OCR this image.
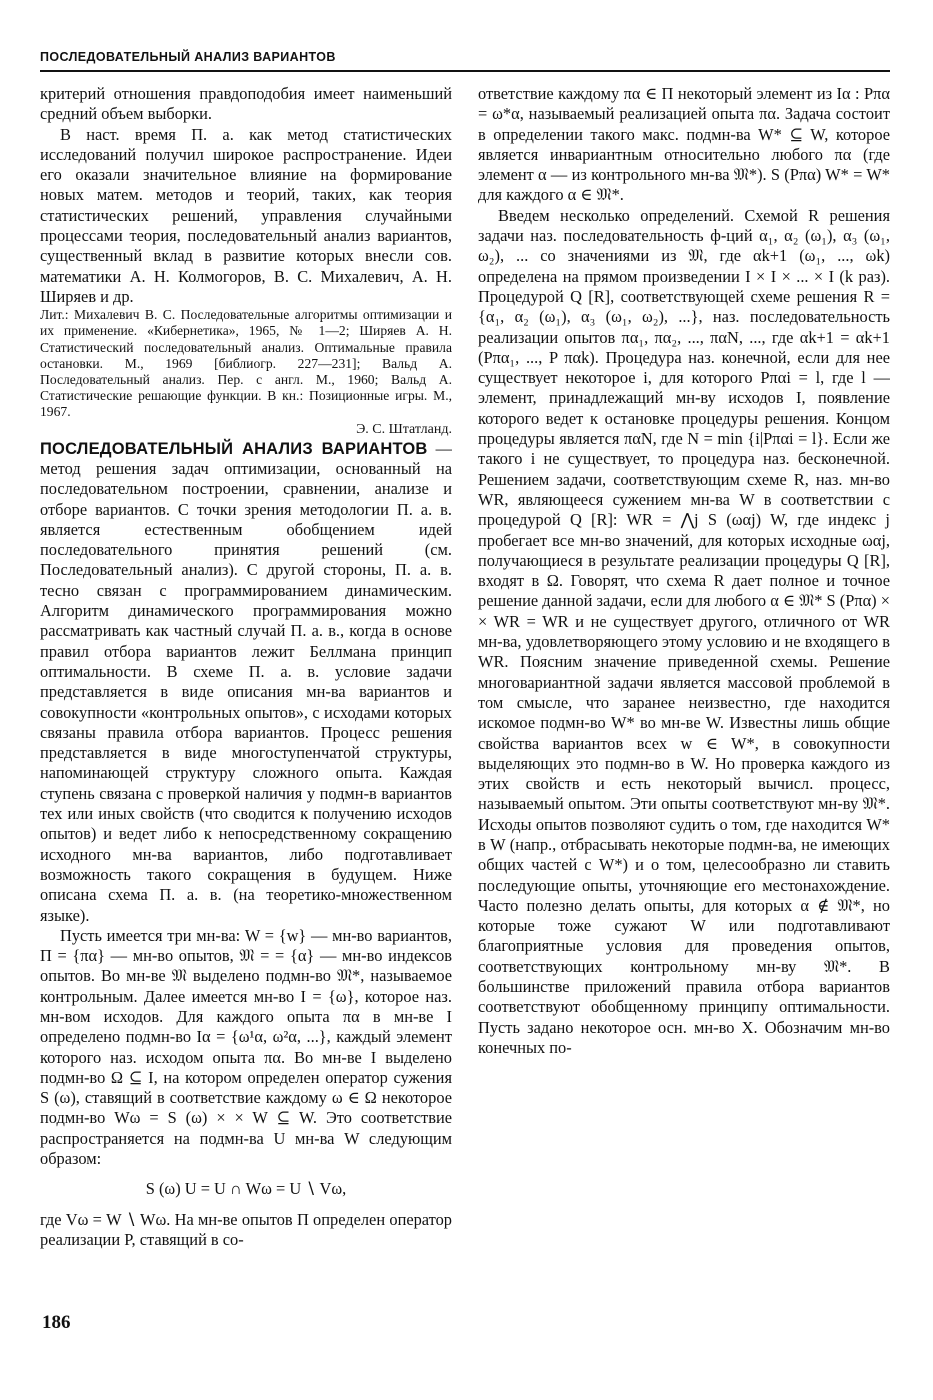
ПОСЛЕДОВАТЕЛЬНЫЙ АНАЛИЗ ВАРИАНТОВ

критерий отношения правдоподобия имеет наименьший средний объем выборки.

В наст. время П. а. как метод статистических исследований получил широкое распространение. Идеи его оказали значительное влияние на формирование новых матем. методов и теорий, таких, как теория статистических решений, управления случайными процессами теория, последовательный анализ вариантов, существенный вклад в развитие которых внесли сов. математики А. Н. Колмогоров, В. С. Михалевич, А. Н. Ширяев и др.

Лит.: Михалевич В. С. Последовательные алгоритмы оптимизации и их применение. «Кибернетика», 1965, № 1—2; Ширяев А. Н. Статистический последовательный анализ. Оптимальные правила остановки. М., 1969 [библиогр. 227—231]; Вальд А. Последовательный анализ. Пер. с англ. М., 1960; Вальд А. Статистические решающие функции. В кн.: Позиционные игры. М., 1967.

Э. С. Штатланд.

ПОСЛЕДОВАТЕЛЬНЫЙ АНАЛИЗ ВАРИАНТОВ — метод решения задач оптимизации, основанный на последовательном построении, сравнении, анализе и отборе вариантов. С точки зрения методологии П. а. в. является естественным обобщением идей последовательного принятия решений (см. Последовательный анализ). С другой стороны, П. а. в. тесно связан с программированием динамическим. Алгоритм динамического программирования можно рассматривать как частный случай П. а. в., когда в основе правил отбора вариантов лежит Беллмана принцип оптимальности. В схеме П. а. в. условие задачи представляется в виде описания мн-ва вариантов и совокупности «контрольных опытов», с исходами которых связаны правила отбора вариантов. Процесс решения представляется в виде многоступенчатой структуры, напоминающей структуру сложного опыта. Каждая ступень связана с проверкой наличия у подмн-в вариантов тех или иных свойств (что сводится к получению исходов опытов) и ведет либо к непосредственному сокращению исходного мн-ва вариантов, либо подготавливает возможность такого сокращения в будущем. Ниже описана схема П. а. в. (на теоретико-множественном языке).

Пусть имеется три мн-ва: W = {w} — мн-во вариантов, Π = {πα} — мн-во опытов, 𝔐 = = {α} — мн-во индексов опытов. Во мн-ве 𝔐 выделено подмн-во 𝔐*, называемое контрольным. Далее имеется мн-во I = {ω}, которое наз. мн-вом исходов. Для каждого опыта πα в мн-ве I определено подмн-во Iα = {ω¹α, ω²α, ...}, каждый элемент которого наз. исходом опыта πα. Во мн-ве I выделено подмн-во Ω ⊆ I, на котором определен оператор сужения S (ω), ставящий в соответствие каждому ω ∈ Ω некоторое подмн-во Wω = S (ω) × × W ⊆ W. Это соответствие распространяется на подмн-ва U мн-ва W следующим образом:

S (ω) U = U ∩ Wω = U ∖ Vω,

где Vω = W ∖ Wω. На мн-ве опытов Π определен оператор реализации P, ставящий в со-

ответствие каждому πα ∈ Π некоторый элемент из Iα : Pπα = ω*α, называемый реализацией опыта πα. Задача состоит в определении такого макс. подмн-ва W* ⊆ W, которое является инвариантным относительно любого πα (где элемент α — из контрольного мн-ва 𝔐*). S (Pπα) W* = W* для каждого α ∈ 𝔐*.

Введем несколько определений. Схемой R решения задачи наз. последовательность ф-ций α₁, α₂ (ω₁), α₃ (ω₁, ω₂), ... со значениями из 𝔐, где αk+1 (ω₁, ..., ωk) определена на прямом произведении I × I × ... × I (k раз). Процедурой Q [R], соответствующей схеме решения R = {α₁, α₂ (ω₁), α₃ (ω₁, ω₂), ...}, наз. последовательность реализации опытов πα₁, πα₂, ..., παN, ..., где αk+1 = αk+1 (Pπα₁, ..., P παk). Процедура наз. конечной, если для нее существует некоторое i, для которого Pπαi = l, где l — элемент, принадлежащий мн-ву исходов I, появление которого ведет к остановке процедуры решения. Концом процедуры является παN, где N = min {i|Pπαi = l}. Если же такого i не существует, то процедура наз. бесконечной. Решением задачи, соответствующим схеме R, наз. мн-во WR, являющееся сужением мн-ва W в соответствии с процедурой Q [R]: WR = ⋀j S (ωαj) W, где индекс j пробегает все мн-во значений, для которых исходные ωαj, получающиеся в результате реализации процедуры Q [R], входят в Ω. Говорят, что схема R дает полное и точное решение данной задачи, если для любого α ∈ 𝔐* S (Pπα) × × WR = WR и не существует другого, отличного от WR мн-ва, удовлетворяющего этому условию и не входящего в WR. Поясним значение приведенной схемы. Решение многовариантной задачи является массовой проблемой в том смысле, что заранее неизвестно, где находится искомое подмн-во W* во мн-ве W. Известны лишь общие свойства вариантов всех w ∈ W*, в совокупности выделяющих это подмн-во в W. Но проверка каждого из этих свойств и есть некоторый вычисл. процесс, называемый опытом. Эти опыты соответствуют мн-ву 𝔐*. Исходы опытов позволяют судить о том, где находится W* в W (напр., отбрасывать некоторые подмн-ва, не имеющих общих частей с W*) и о том, целесообразно ли ставить последующие опыты, уточняющие его местонахождение. Часто полезно делать опыты, для которых α ∉ 𝔐*, но которые тоже сужают W или подготавливают благоприятные условия для проведения опытов, соответствующих контрольному мн-ву 𝔐*. В большинстве приложений правила отбора вариантов соответствуют обобщенному принципу оптимальности. Пусть задано некоторое осн. мн-во X. Обозначим мн-во конечных по-

186
